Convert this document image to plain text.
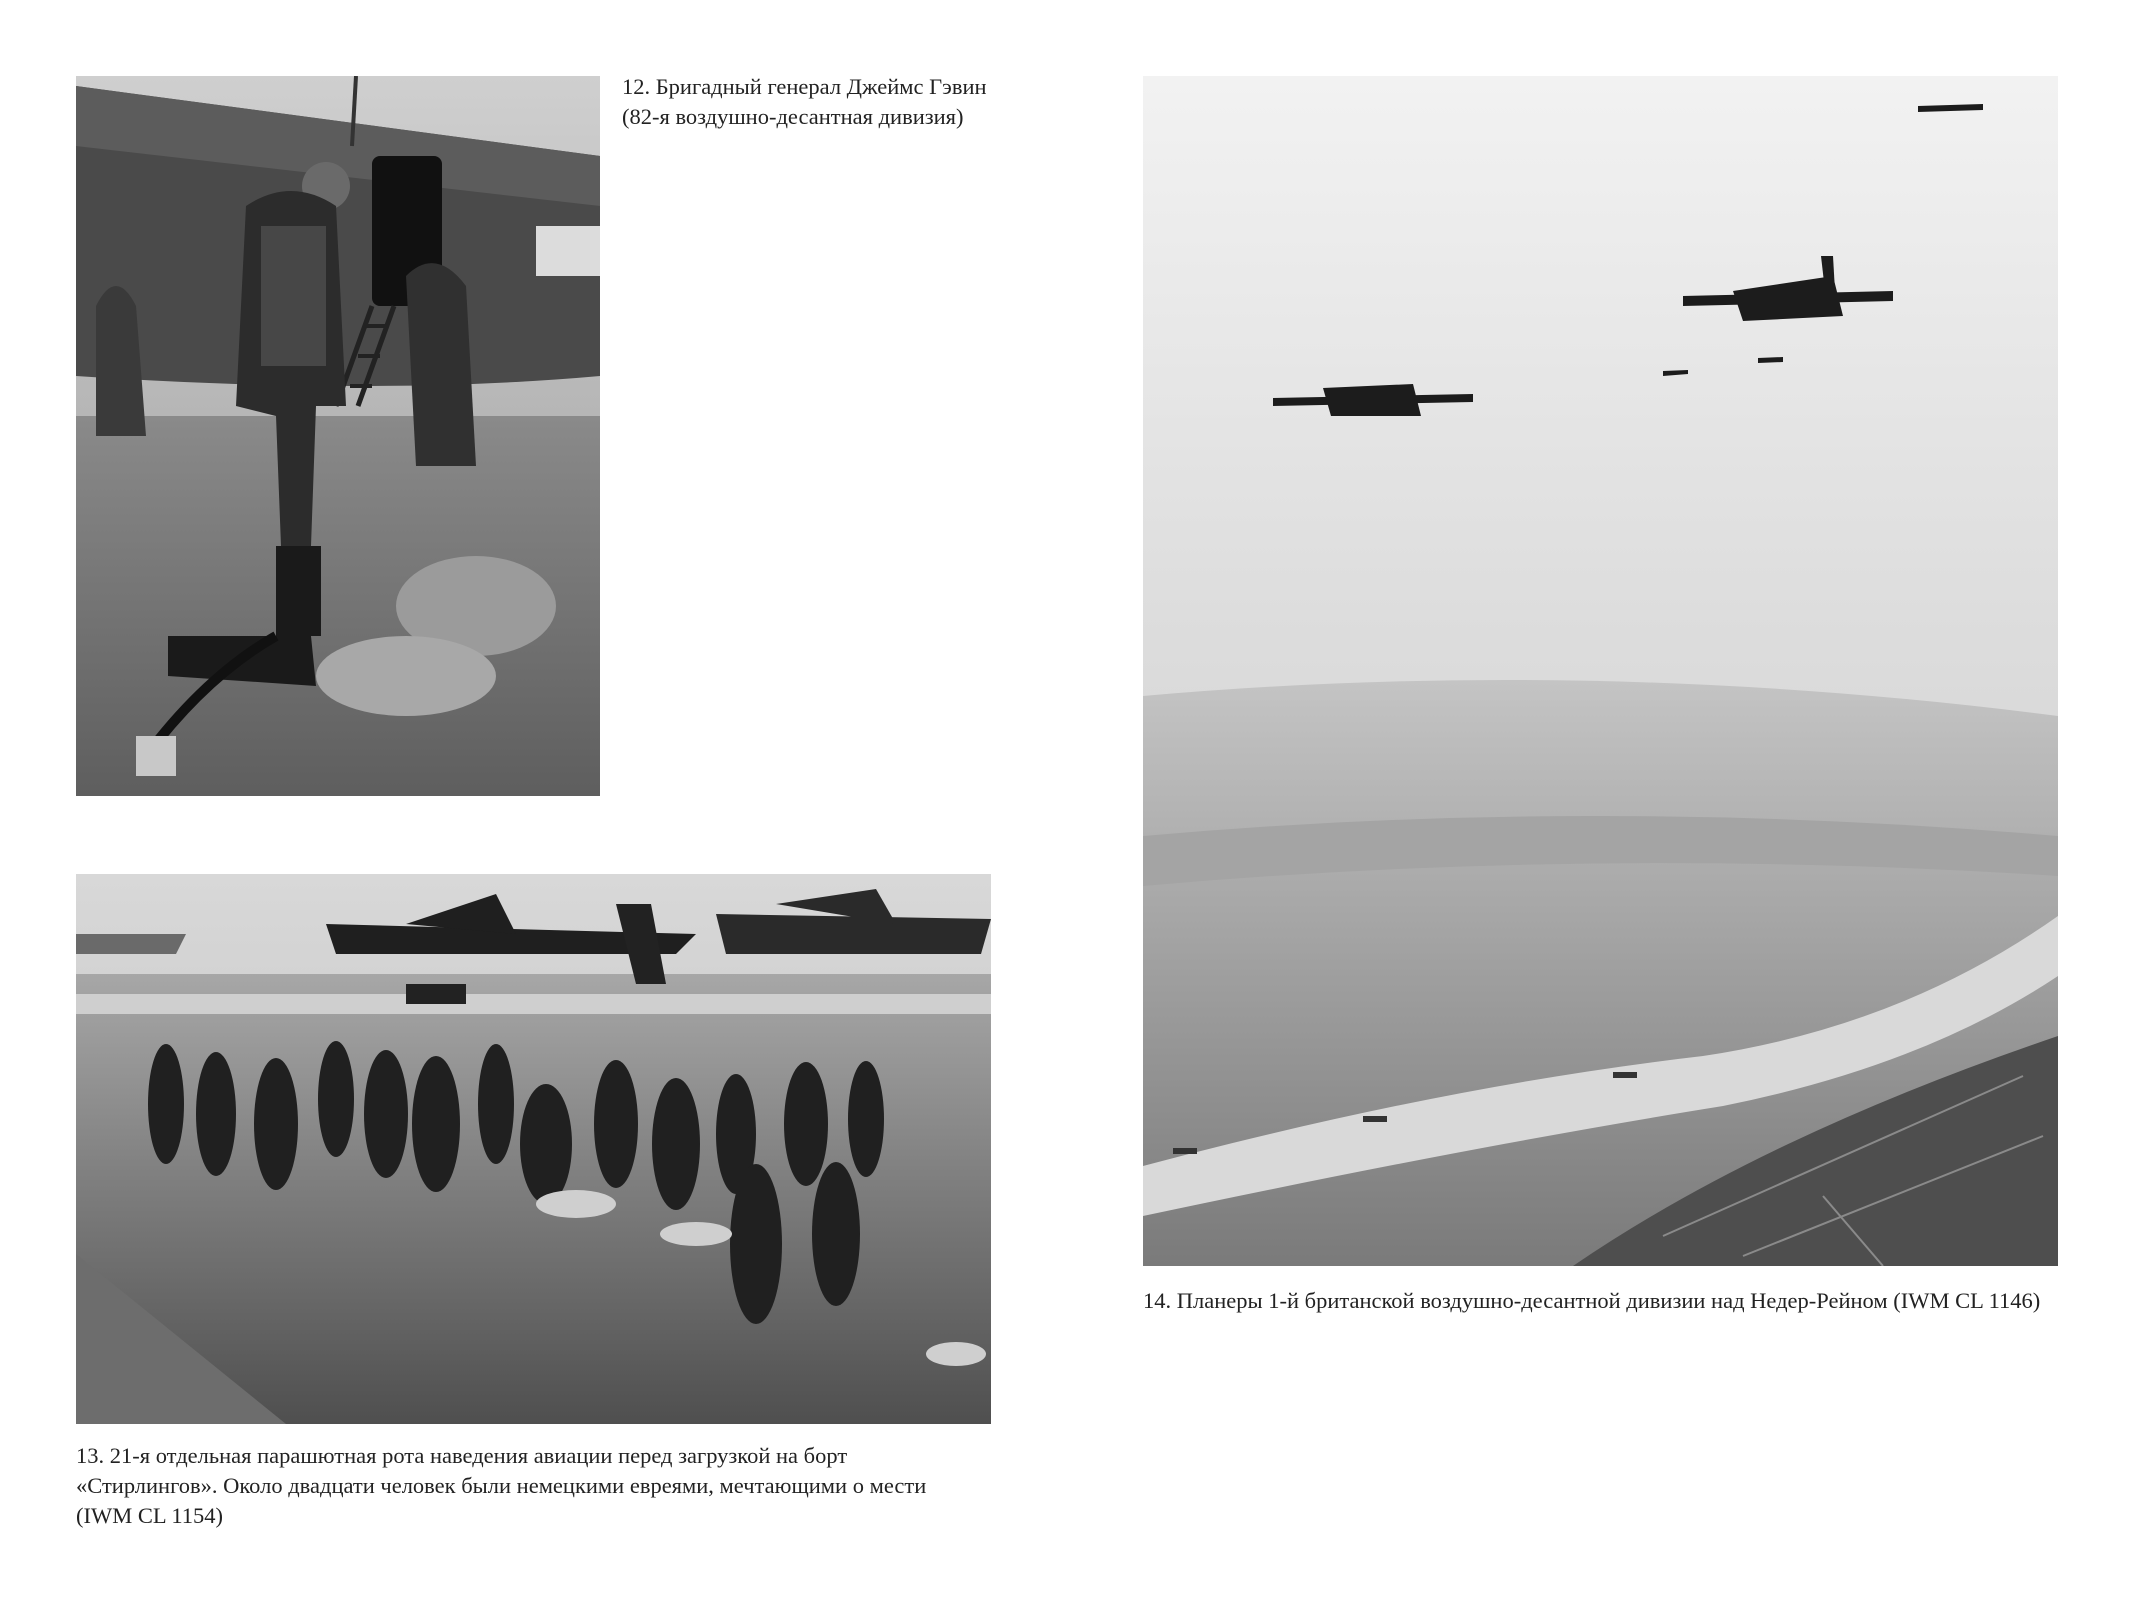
12. Бригадный генерал Джеймс Гэвин (82-я воздушно-десантная дивизия)
13. 21-я отдельная парашютная рота наведения авиации перед загрузкой на борт «Стирлингов». Около двадцати человек были немецкими евреями, мечтающими о мести (IWM CL 1154)
14. Планеры 1-й британской воздушно-десантной дивизии над Недер-Рейном (IWM CL 1146)
